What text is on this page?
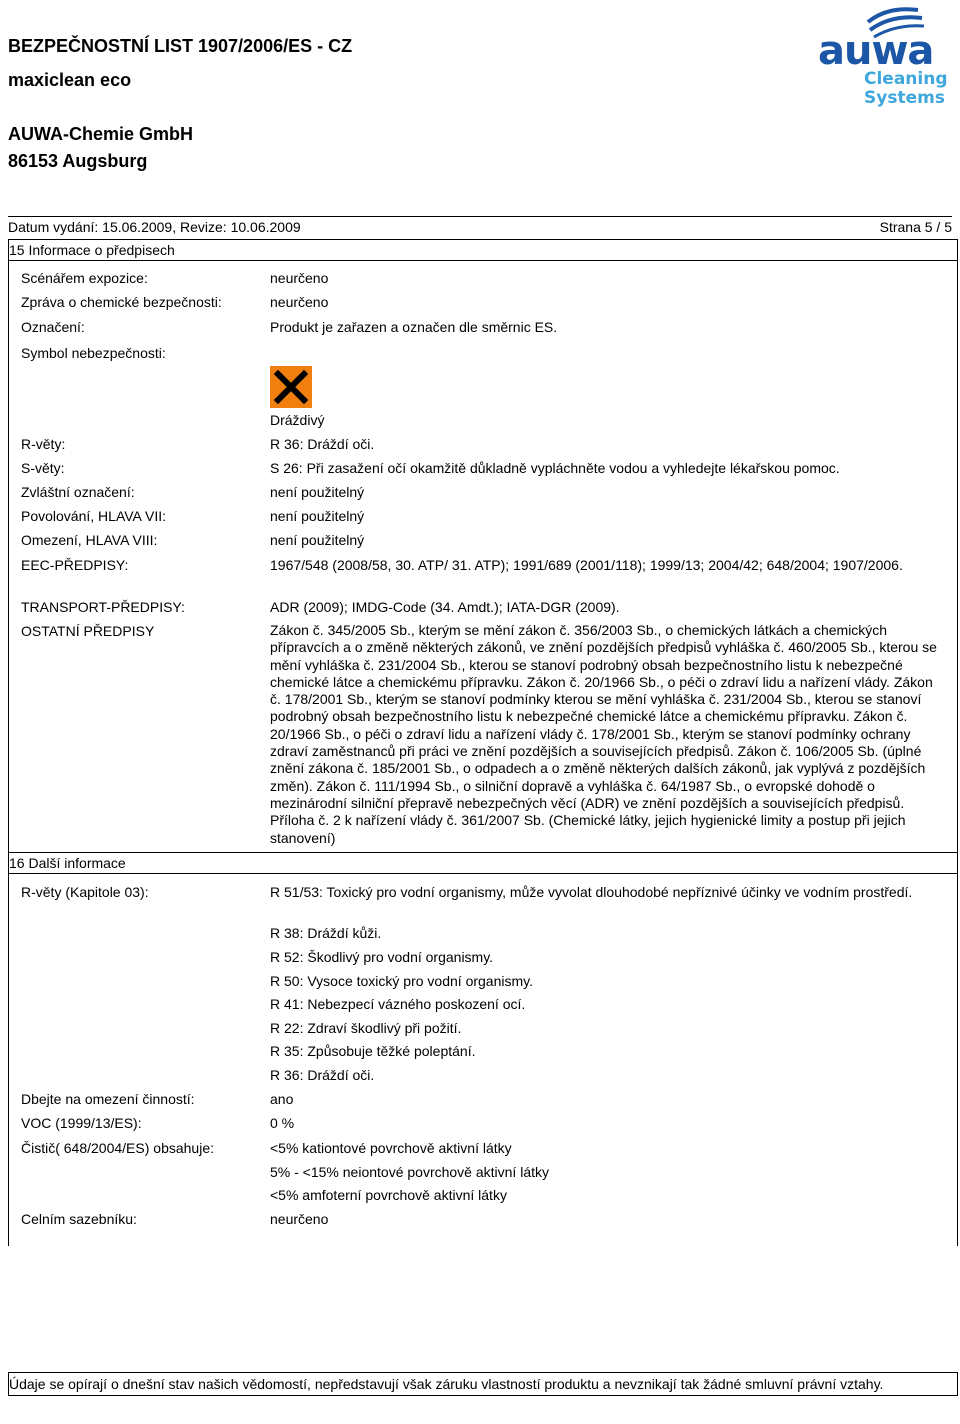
BEZPEČNOSTNÍ LIST 1907/2006/ES - CZ
maxiclean eco
AUWA-Chemie GmbH
86153 Augsburg
auwa
Cleaning
Systems
Datum vydání: 15.06.2009, Revize: 10.06.2009	Strana 5 / 5
15 Informace o předpisech
Scénářem expozice:	neurčeno
Zpráva o chemické bezpečnosti:	neurčeno
Označení:	Produkt je zařazen a označen dle směrnic ES.
Symbol nebezpečnosti:
Dráždivý
R-věty:	R 36: Dráždí oči.
S-věty:	S 26: Při zasažení očí okamžitě důkladně vypláchněte vodou a vyhledejte lékařskou pomoc.
Zvláštní označení:	není použitelný
Povolování, HLAVA VII:	není použitelný
Omezení, HLAVA VIII:	není použitelný
EEC-PŘEDPISY:	1967/548 (2008/58, 30. ATP/ 31. ATP); 1991/689 (2001/118); 1999/13; 2004/42; 648/2004; 1907/2006.
TRANSPORT-PŘEDPISY:	ADR (2009); IMDG-Code (34. Amdt.); IATA-DGR (2009).
OSTATNÍ PŘEDPISY	Zákon č. 345/2005 Sb., kterým se mění zákon č. 356/2003 Sb., o chemických látkách a chemických přípravcích a o změně některých zákonů, ve znění pozdějších předpisů vyhláška č. 460/2005 Sb., kterou se mění vyhláška č. 231/2004 Sb., kterou se stanoví podrobný obsah bezpečnostního listu k nebezpečné chemické látce a chemickému přípravku. Zákon č. 20/1966 Sb., o péči o zdraví lidu a nařízení vlády. Zákon č. 178/2001 Sb., kterým se stanoví podmínky kterou se mění vyhláška č. 231/2004 Sb., kterou se stanoví podrobný obsah bezpečnostního listu k nebezpečné chemické látce a chemickému přípravku. Zákon č. 20/1966 Sb., o péči o zdraví lidu a nařízení vlády č. 178/2001 Sb., kterým se stanoví podmínky ochrany zdraví zaměstnanců při práci ve znění pozdějších a souvisejících předpisů. Zákon č. 106/2005 Sb. (úplné znění zákona č. 185/2001 Sb., o odpadech a o změně některých dalších zákonů, jak vyplývá z pozdějších změn). Zákon č. 111/1994 Sb., o silniční dopravě a vyhláška č. 64/1987 Sb., o evropské dohodě o mezinárodní silniční přepravě nebezpečných věcí (ADR) ve znění pozdějších a souvisejících předpisů. Příloha č. 2 k nařízení vlády č. 361/2007 Sb. (Chemické látky, jejich hygienické limity a postup při jejich stanovení)
16 Další informace
R-věty (Kapitole 03):	R 51/53: Toxický pro vodní organismy, může vyvolat dlouhodobé nepříznivé účinky ve vodním prostředí.
R 38: Dráždí kůži.
R 52: Škodlivý pro vodní organismy.
R 50: Vysoce toxický pro vodní organismy.
R 41: Nebezpecí vázného poskození ocí.
R 22: Zdraví škodlivý při požití.
R 35: Způsobuje těžké poleptání.
R 36: Dráždí oči.
Dbejte na omezení činností:	ano
VOC (1999/13/ES):	0 %
Čistič( 648/2004/ES) obsahuje:	<5% kationtové povrchově aktivní látky
5% - <15% neiontové povrchově aktivní látky
<5% amfoterní povrchově aktivní látky
Celním sazebníku:	neurčeno
Údaje se opírají o dnešní stav našich vědomostí, nepředstavují však záruku vlastností produktu a nevznikají tak žádné smluvní právní vztahy.
